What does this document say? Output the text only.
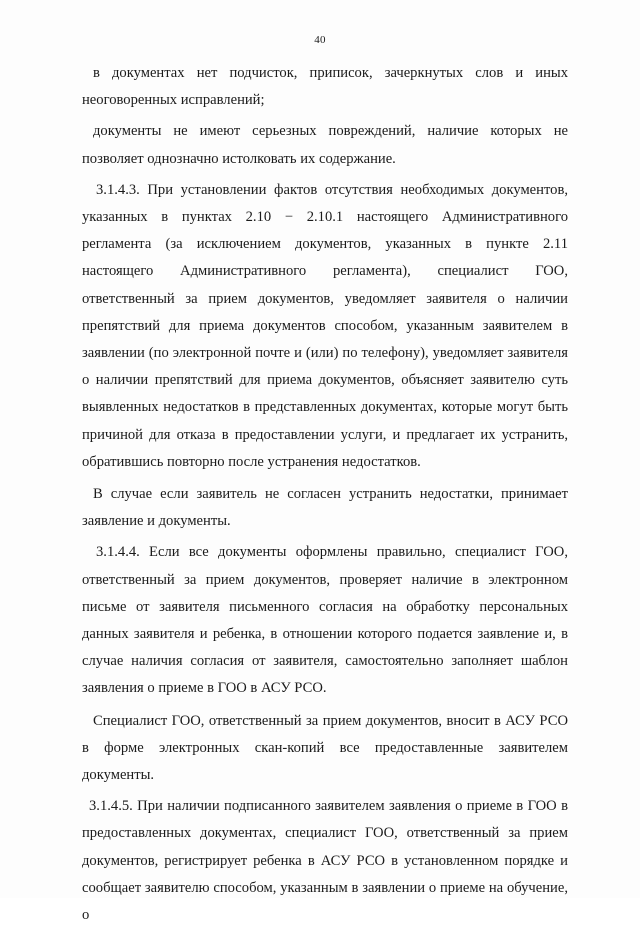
40

в документах нет подчисток, приписок, зачеркнутых слов и иных неоговоренных исправлений;

документы не имеют серьезных повреждений, наличие которых не позволяет однозначно истолковать их содержание.

3.1.4.3. При установлении фактов отсутствия необходимых документов, указанных в пунктах 2.10 − 2.10.1 настоящего Административного регламента (за исключением документов, указанных в пункте 2.11 настоящего Административного регламента), специалист ГОО, ответственный за прием документов, уведомляет заявителя о наличии препятствий для приема документов способом, указанным заявителем в заявлении (по электронной почте и (или) по телефону), уведомляет заявителя о наличии препятствий для приема документов, объясняет заявителю суть выявленных недостатков в представленных документах, которые могут быть причиной для отказа в предоставлении услуги, и предлагает их устранить, обратившись повторно после устранения недостатков.

В случае если заявитель не согласен устранить недостатки, принимает заявление и документы.

3.1.4.4. Если все документы оформлены правильно, специалист ГОО, ответственный за прием документов, проверяет наличие в электронном письме от заявителя письменного согласия на обработку персональных данных заявителя и ребенка, в отношении которого подается заявление и, в случае наличия согласия от заявителя, самостоятельно заполняет шаблон заявления о приеме в ГОО в АСУ РСО.

Специалист ГОО, ответственный за прием документов, вносит в АСУ РСО в форме электронных скан-копий все предоставленные заявителем документы.

3.1.4.5. При наличии подписанного заявителем заявления о приеме в ГОО в предоставленных документах, специалист ГОО, ответственный за прием документов, регистрирует ребенка в АСУ РСО в установленном порядке и сообщает заявителю способом, указанным в заявлении о приеме на обучение, о
